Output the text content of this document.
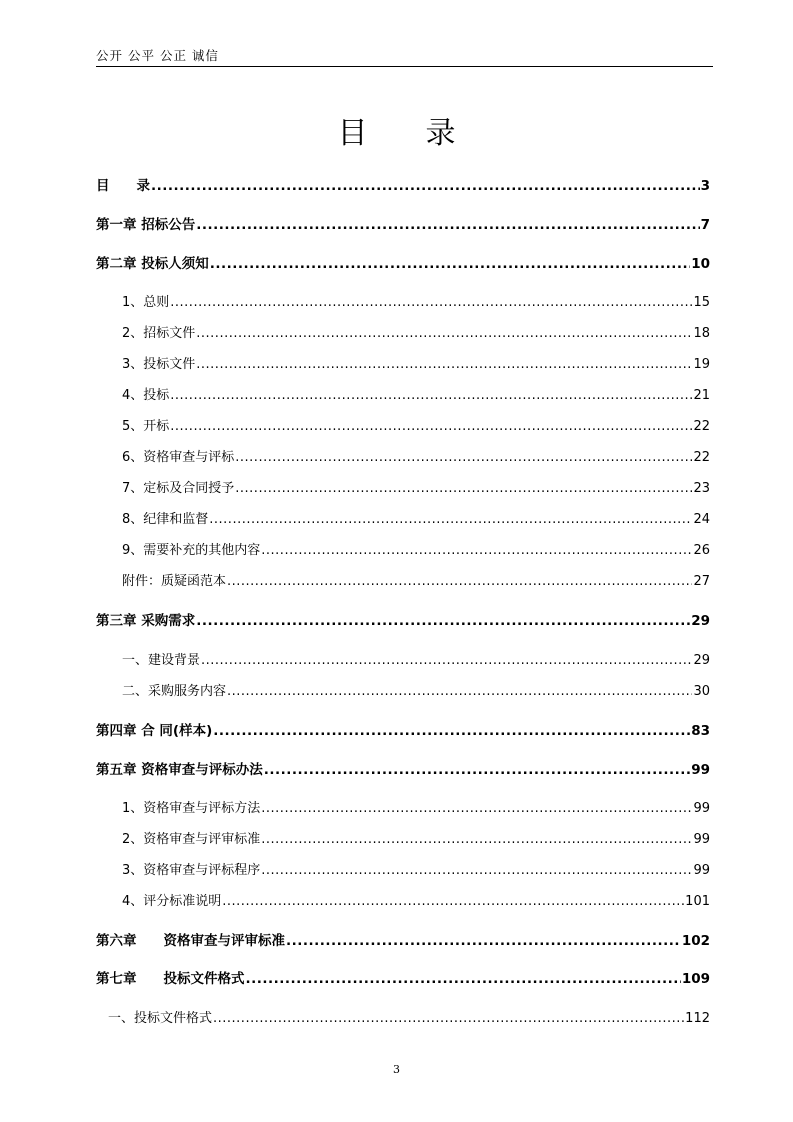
公开 公平 公正 诚信
目 录
目　　录 .....	3
第一章 招标公告 .....	7
第二章 投标人须知 .....	10
1、总则 .....	15
2、招标文件 .....	18
3、投标文件 .....	19
4、投标 .....	21
5、开标 .....	22
6、资格审查与评标 .....	22
7、定标及合同授予 .....	23
8、纪律和监督 .....	24
9、需要补充的其他内容 .....	26
附件：质疑函范本 .....	27
第三章 采购需求 .....	29
一、建设背景 .....	29
二、采购服务内容 .....	30
第四章 合 同(样本) .....	83
第五章 资格审查与评标办法 .....	99
1、资格审查与评标方法 .....	99
2、资格审查与评审标准 .....	99
3、资格审查与评标程序 .....	99
4、评分标准说明 .....	101
第六章　　资格审查与评审标准 .....	102
第七章　　投标文件格式 .....	109
一、投标文件格式 .....	112
3
